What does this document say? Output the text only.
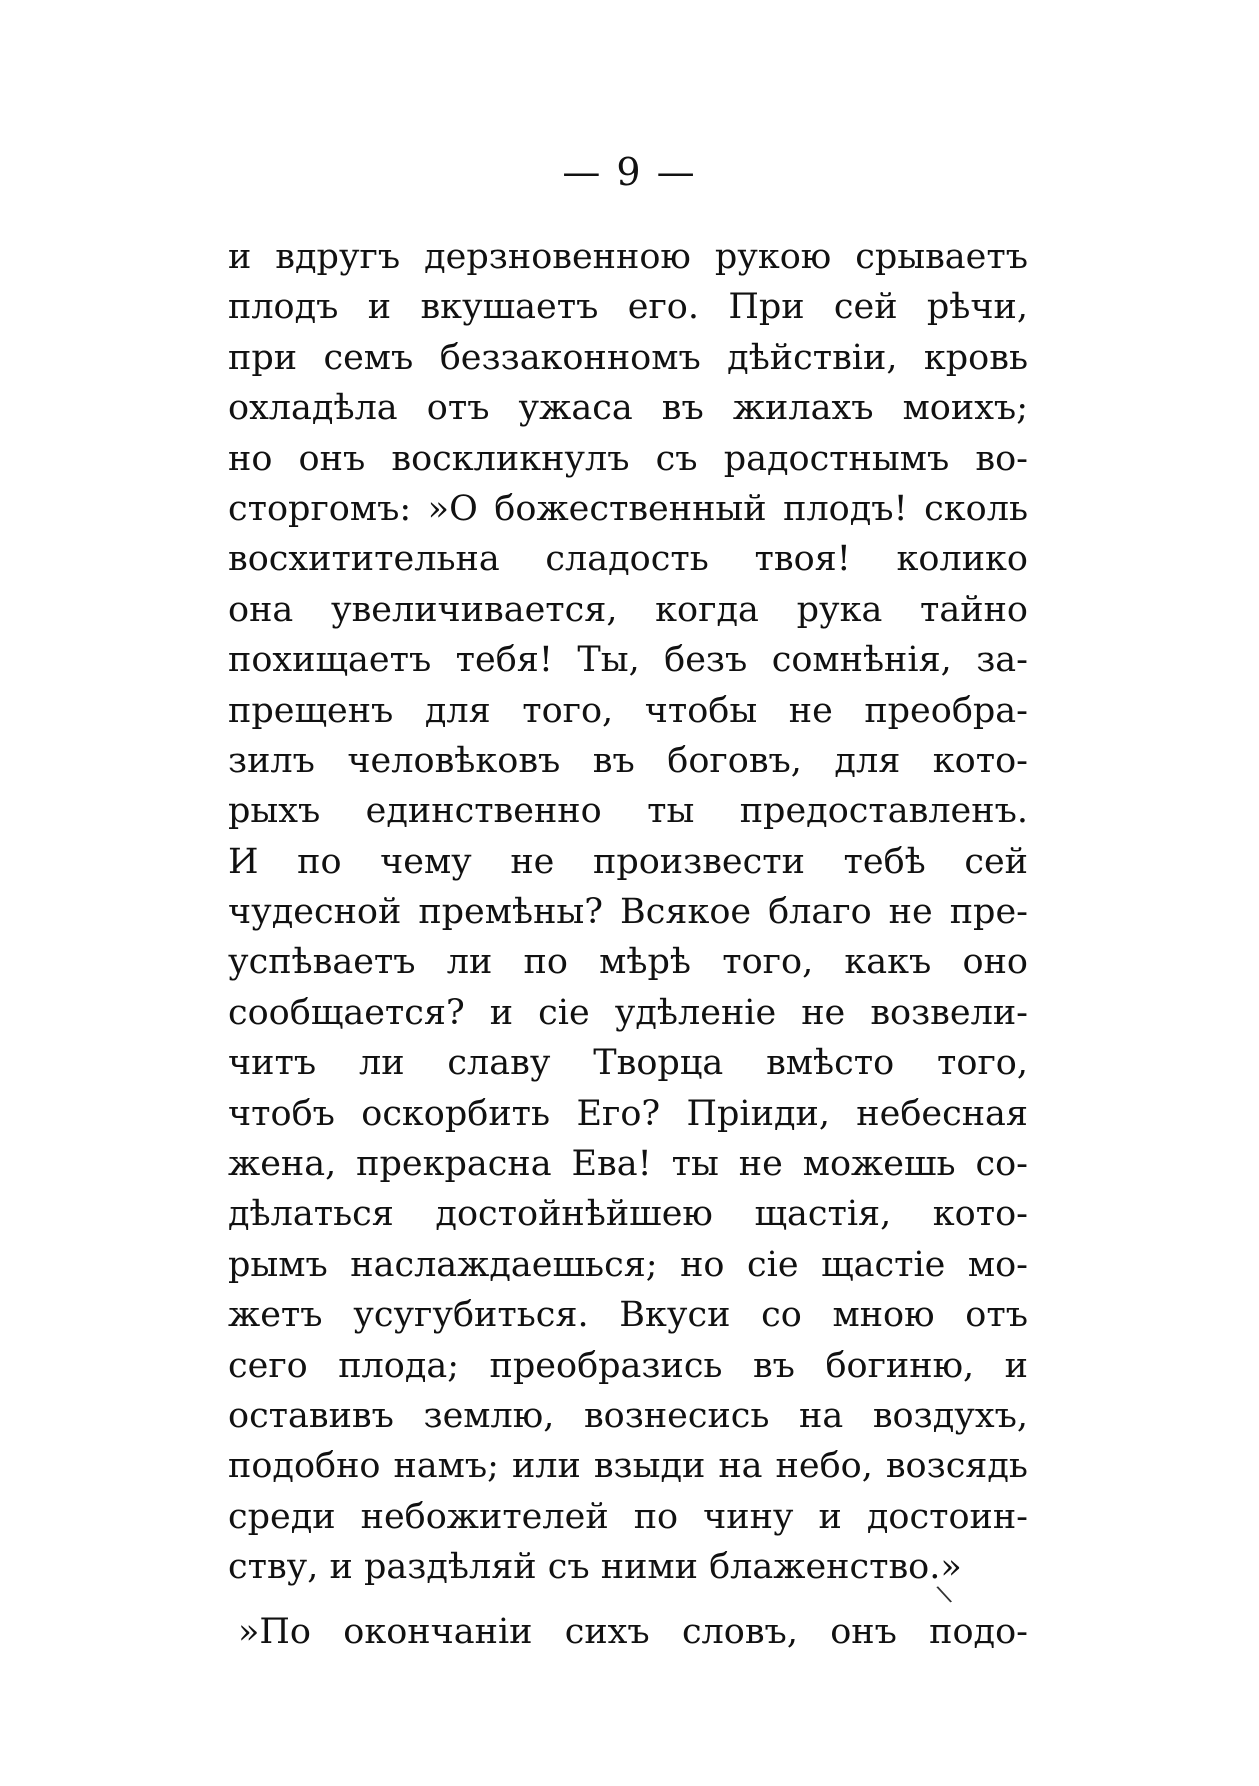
— 9 —
и вдругъ дерзновенною рукою срываетъ
плодъ и вкушаетъ его. При сей рѣчи,
при семъ беззаконномъ дѣйствіи, кровь
охладѣла отъ ужаса въ жилахъ моихъ;
но онъ воскликнулъ съ радостнымъ во-
сторгомъ: »О божественный плодъ! сколь
восхитительна сладость твоя! колико
она увеличивается, когда рука тайно
похищаетъ тебя! Ты, безъ сомнѣнія, за-
прещенъ для того, чтобы не преобра-
зилъ человѣковъ въ боговъ, для кото-
рыхъ единственно ты предоставленъ.
И по чему не произвести тебѣ сей
чудесной премѣны? Всякое благо не пре-
успѣваетъ ли по мѣрѣ того, какъ оно
сообщается? и сіе удѣленіе не возвели-
читъ ли славу Творца вмѣсто того,
чтобъ оскорбить Его? Пріиди, небесная
жена, прекрасна Ева! ты не можешь со-
дѣлаться достойнѣйшею щастія, кото-
рымъ наслаждаешься; но сіе щастіе мо-
жетъ усугубиться. Вкуси со мною отъ
сего плода; преобразись въ богиню, и
оставивъ землю, вознесись на воздухъ,
подобно намъ; или взыди на небо, возсядь
среди небожителей по чину и достоин-
ству, и раздѣляй съ ними блаженство.»
»По окончаніи сихъ словъ, онъ подо-
\
